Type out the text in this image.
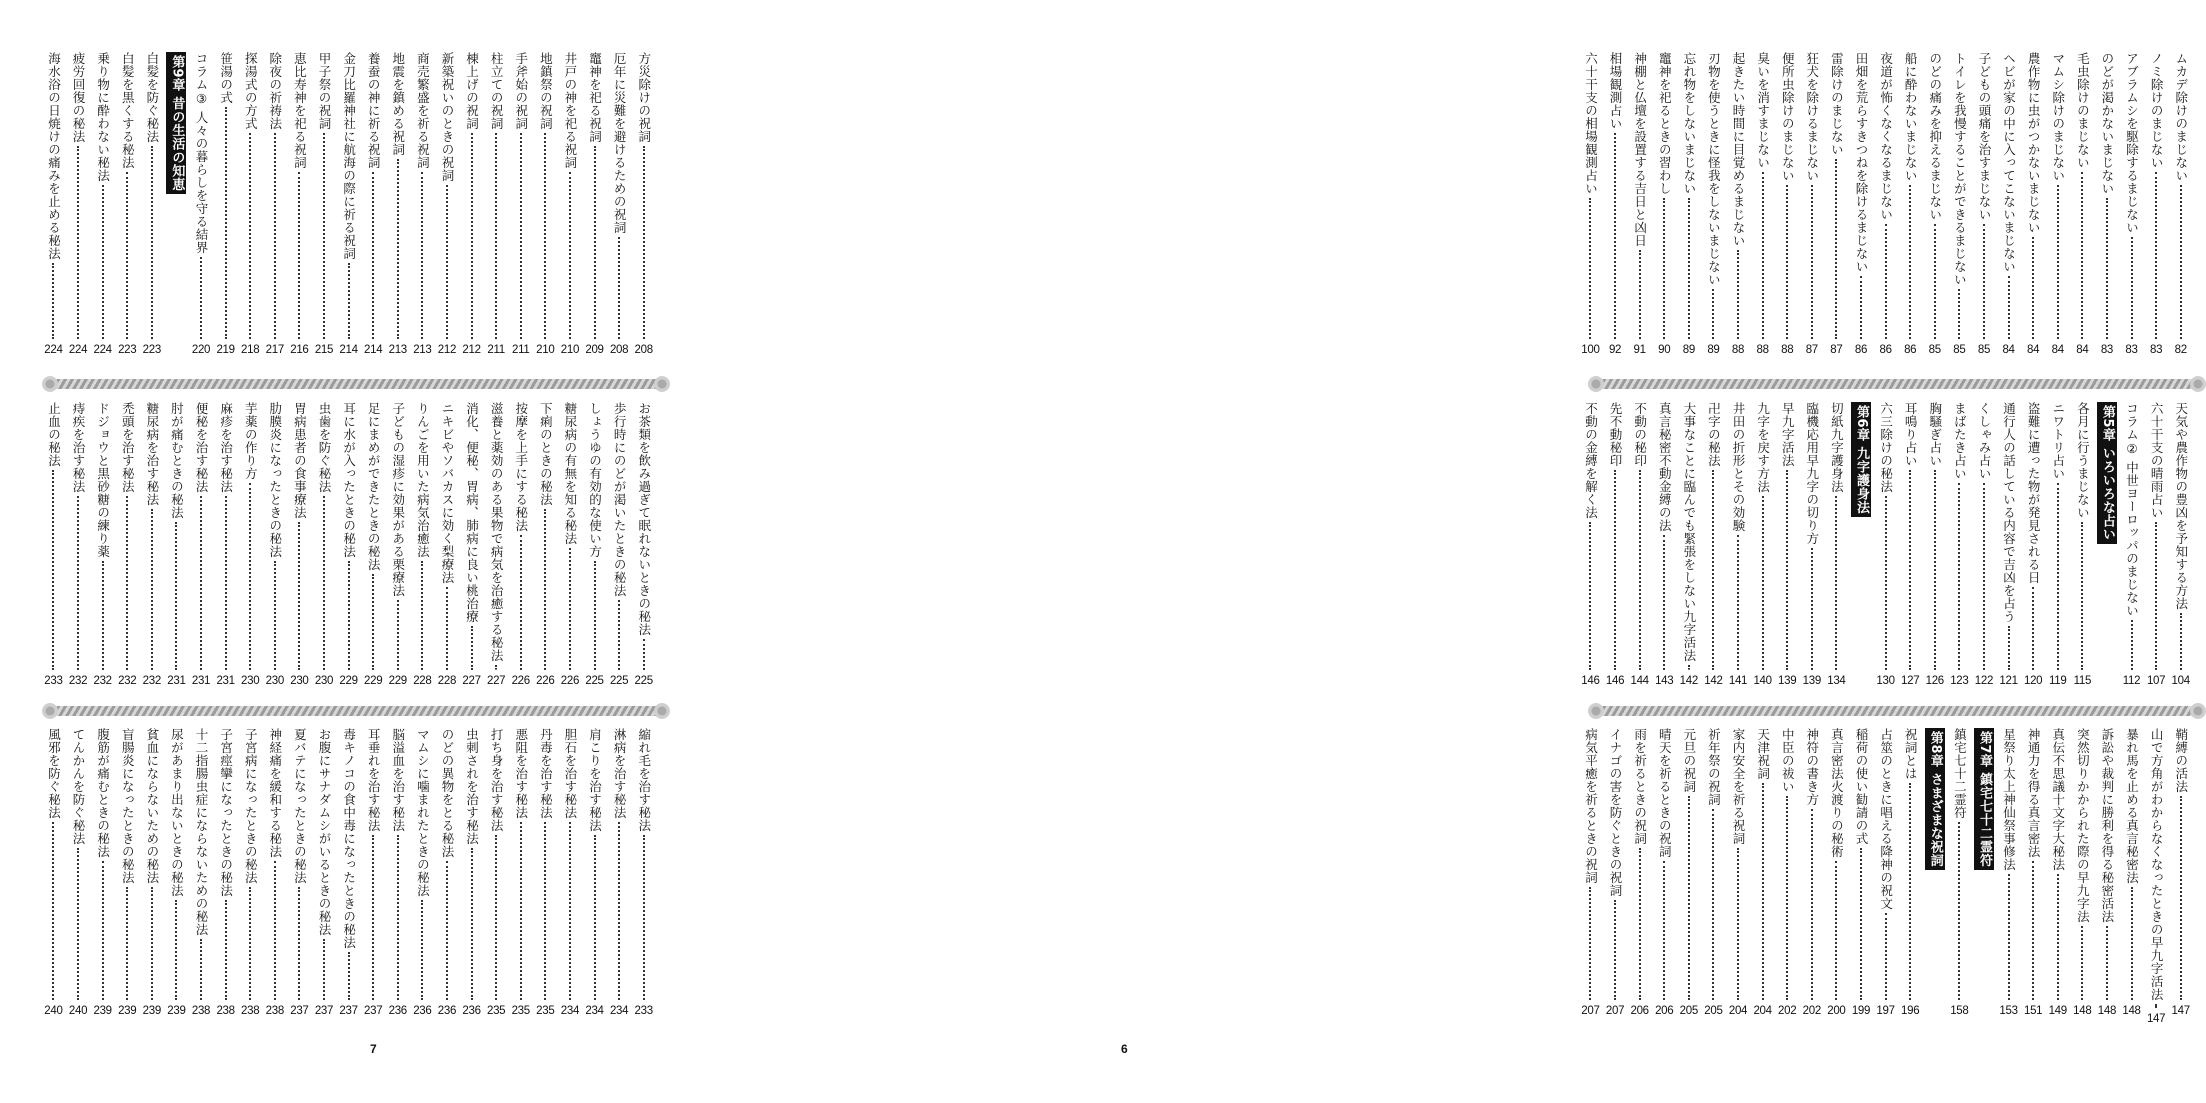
ムカデ除けのまじない
82
ノミ除けのまじない
83
アブラムシを駆除するまじない
83
のどが渇かないまじない
83
毛虫除けのまじない
84
マムシ除けのまじない
84
農作物に虫がつかないまじない
84
ヘビが家の中に入ってこないまじない
84
子どもの頭痛を治すまじない
85
トイレを我慢することができるまじない
85
のどの痛みを抑えるまじない
85
船に酔わないまじない
86
夜道が怖くなくなるまじない
86
田畑を荒らすきつねを除けるまじない
86
雷除けのまじない
87
狂犬を除けるまじない
87
便所虫除けのまじない
88
臭いを消すまじない
88
起きたい時間に目覚めるまじない
88
刃物を使うときに怪我をしないまじない
89
忘れ物をしないまじない
89
竈神を祀るときの習わし
90
神棚と仏壇を設置する吉日と凶日
91
相場観測占い
92
六十干支の相場観測占い
100
天気や農作物の豊凶を予知する方法
104
六十干支の晴雨占い
107
コラム② 中世ヨーロッパのまじない
112
第5章 いろいろな占い
各月に行うまじない
115
ニワトリ占い
119
盗難に遭った物が発見される日
120
通行人の話している内容で吉凶を占う
121
くしゃみ占い
122
まばたき占い
123
胸騒ぎ占い
126
耳鳴り占い
127
六三除けの秘法
130
第6章 九字護身法
切紙九字護身法
134
臨機応用早九字の切り方
139
早九字活法
139
九字を戻す方法
140
井田の折形とその効験
141
卍字の秘法
142
大事なことに臨んでも緊張をしない九字活法
142
真言秘密不動金縛の法
143
不動の秘印
144
先不動秘印
146
不動の金縛を解く法
146
鞘縛の活法
147
山で方角がわからなくなったときの早九字活法
147
暴れ馬を止める真言秘密法
148
訴訟や裁判に勝利を得る秘密活法
148
突然切りかかられた際の早九字法
148
真伝不思議十文字大秘法
149
神通力を得る真言密法
151
星祭り太上神仙祭事修法
153
第7章 鎮宅七十二霊符
鎮宅七十二霊符
158
第8章 さまざまな祝詞
祝詞とは
196
占筮のときに唱える降神の祝文
197
稲荷の使い勧請の式
199
真言密法火渡りの秘術
200
神符の書き方
202
中臣の祓い
202
天津祝詞
204
家内安全を祈る祝詞
204
祈年祭の祝詞
205
元旦の祝詞
205
晴天を祈るときの祝詞
206
雨を祈るときの祝詞
206
イナゴの害を防ぐときの祝詞
207
病気平癒を祈るときの祝詞
207
方災除けの祝詞
208
厄年に災難を避けるための祝詞
208
竈神を祀る祝詞
209
井戸の神を祀る祝詞
210
地鎮祭の祝詞
210
手斧始の祝詞
211
柱立ての祝詞
211
棟上げの祝詞
212
新築祝いのときの祝詞
212
商売繁盛を祈る祝詞
213
地震を鎮める祝詞
213
養蚕の神に祈る祝詞
214
金刀比羅神社に航海の際に祈る祝詞
214
甲子祭の祝詞
215
恵比寿神を祀る祝詞
216
除夜の祈祷法
217
探湯式の方式
218
笹湯の式
219
コラム③ 人々の暮らしを守る結界
220
第9章 昔の生活の知恵
白髪を防ぐ秘法
223
白髪を黒くする秘法
223
乗り物に酔わない秘法
224
疲労回復の秘法
224
海水浴の日焼けの痛みを止める秘法
224
お茶類を飲み過ぎて眠れないときの秘法
225
歩行時にのどが渇いたときの秘法
225
しょうゆの有効的な使い方
225
糖尿病の有無を知る秘法
226
下痢のときの秘法
226
按摩を上手にする秘法
226
滋養と薬効のある果物で病気を治癒する秘法
227
消化、便秘、胃病、肺病に良い桃治療
227
ニキビやソバカスに効く梨療法
228
りんごを用いた病気治癒法
228
子どもの湿疹に効果がある栗療法
229
足にまめができたときの秘法
229
耳に水が入ったときの秘法
229
虫歯を防ぐ秘法
230
胃病患者の食事療法
230
肋膜炎になったときの秘法
230
芋薬の作り方
230
麻疹を治す秘法
231
便秘を治す秘法
231
肘が痛むときの秘法
231
糖尿病を治す秘法
232
禿頭を治す秘法
232
ドジョウと黒砂糖の練り薬
232
痔疾を治す秘法
232
止血の秘法
233
縮れ毛を治す秘法
233
淋病を治す秘法
234
肩こりを治す秘法
234
胆石を治す秘法
234
丹毒を治す秘法
235
悪阻を治す秘法
235
打ち身を治す秘法
235
虫刺されを治す秘法
236
のどの異物をとる秘法
236
マムシに噛まれたときの秘法
236
脳溢血を治す秘法
236
耳垂れを治す秘法
237
毒キノコの食中毒になったときの秘法
237
お腹にサナダムシがいるときの秘法
237
夏バテになったときの秘法
237
神経痛を緩和する秘法
238
子宮病になったときの秘法
238
子宮痙攣になったときの秘法
238
十二指腸虫症にならないための秘法
238
尿があまり出ないときの秘法
239
貧血にならないための秘法
239
盲腸炎になったときの秘法
239
腹筋が痛むときの秘法
239
てんかんを防ぐ秘法
240
風邪を防ぐ秘法
240
7	6
